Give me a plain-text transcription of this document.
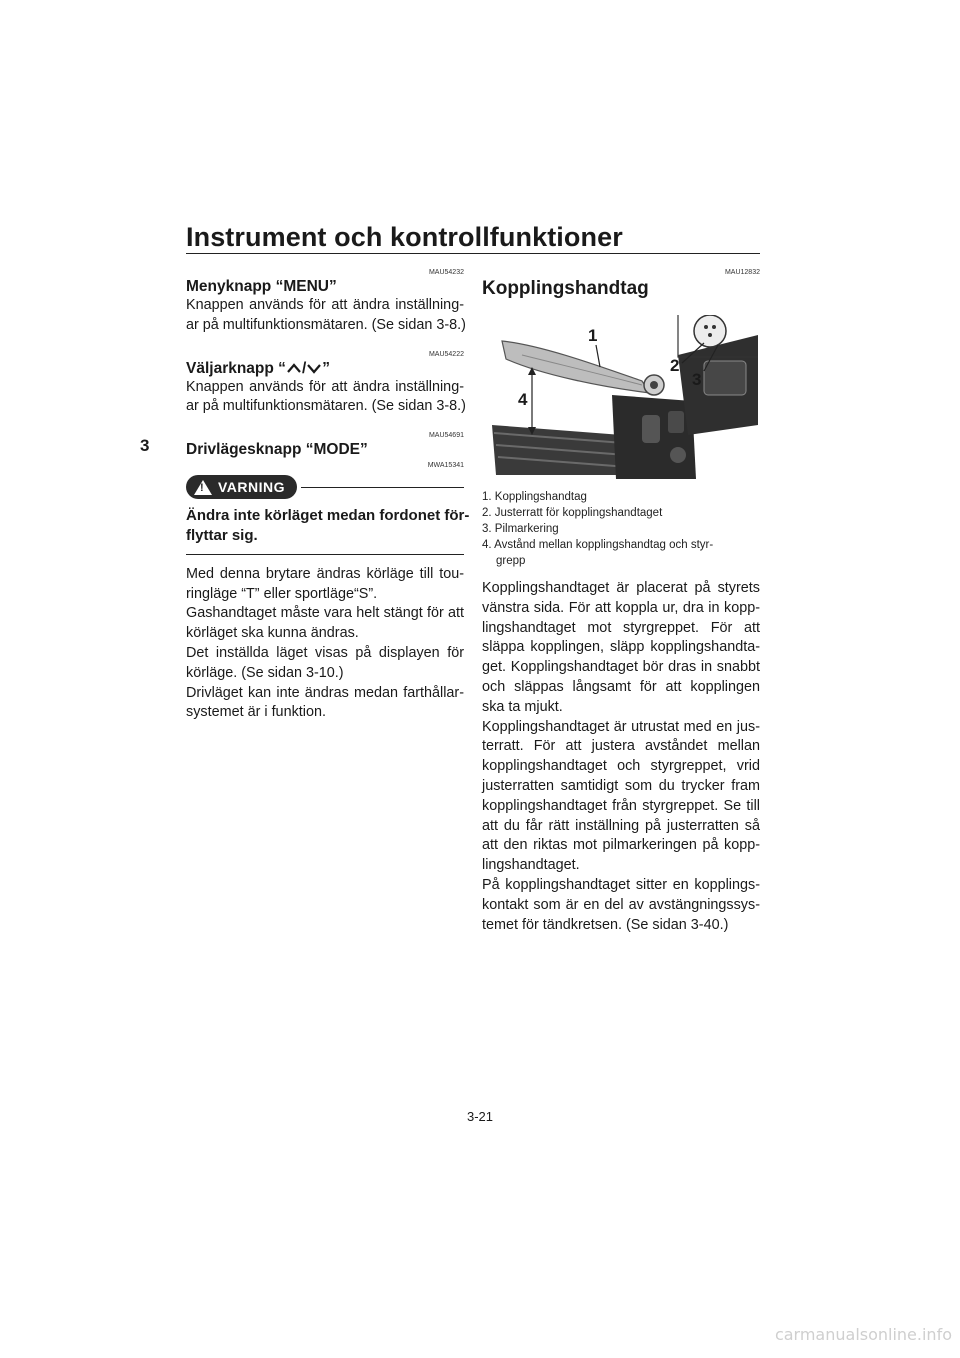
Instrument och kontrollfunktioner
3
MAU54232
Menyknapp “MENU”
Knappen används för att ändra inställning-
ar på multifunktionsmätaren. (Se sidan 3-8.)
MAU54222
Väljarknapp “ / ”
Knappen används för att ändra inställning-
ar på multifunktionsmätaren. (Se sidan 3-8.)
MAU54691
Drivlägesknapp “MODE”
MWA15341
!
VARNING
Ändra inte körläget medan fordonet för-
flyttar sig.
Med denna brytare ändras körläge till tou-
ringläge “T” eller sportläge“S”.
Gashandtaget måste vara helt stängt för att
körläget ska kunna ändras.
Det inställda läget visas på displayen för
körläge. (Se sidan 3-10.)
Drivläget kan inte ändras medan farthållar-
systemet är i funktion.
MAU12832
Kopplingshandtag
1
2
3
4
1. Kopplingshandtag
2. Justerratt för kopplingshandtaget
3. Pilmarkering
4. Avstånd mellan kopplingshandtag och styr-
grepp
Kopplingshandtaget är placerat på styrets
vänstra sida. För att koppla ur, dra in kopp-
lingshandtaget mot styrgreppet. För att
släppa kopplingen, släpp kopplingshandta-
get. Kopplingshandtaget bör dras in snabbt
och släppas långsamt för att kopplingen
ska ta mjukt.
Kopplingshandtaget är utrustat med en jus-
terratt. För att justera avståndet mellan
kopplingshandtaget och styrgreppet, vrid
justerratten samtidigt som du trycker fram
kopplingshandtaget från styrgreppet. Se till
att du får rätt inställning på justerratten så
att den riktas mot pilmarkeringen på kopp-
lingshandtaget.
På kopplingshandtaget sitter en kopplings-
kontakt som är en del av avstängningssys-
temet för tändkretsen. (Se sidan 3-40.)
3-21
carmanualsonline.info
